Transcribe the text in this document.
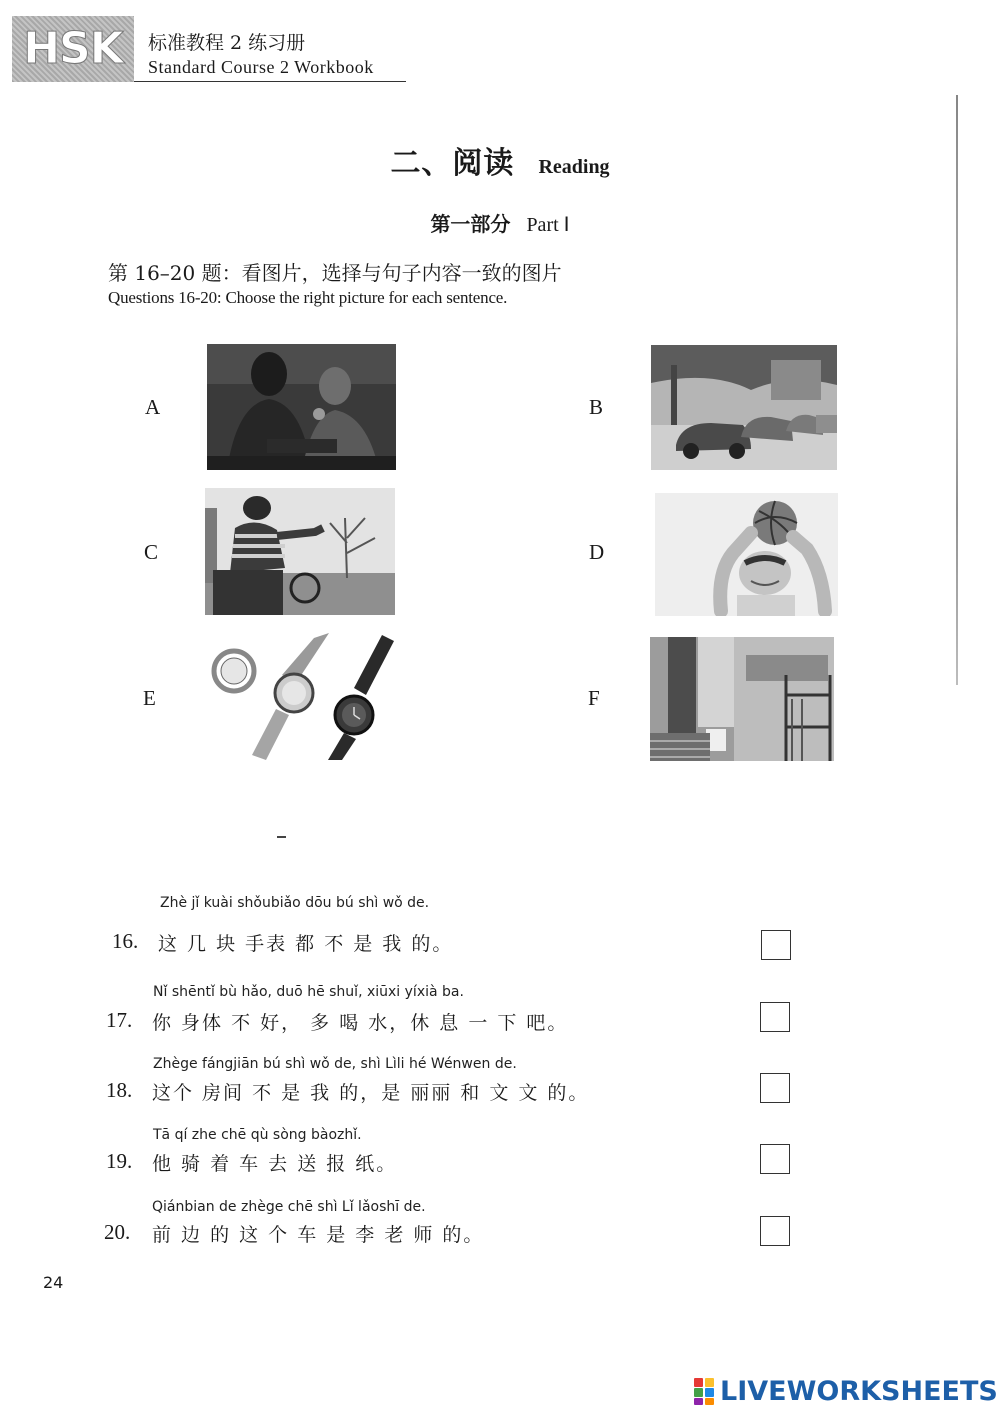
HSK	标准教程 2 练习册
Standard Course 2 Workbook
二、阅读 Reading
第一部分 Part Ⅰ
第 16–20 题：看图片，选择与句子内容一致的图片
Questions 16-20: Choose the right picture for each sentence.
A	B
C	D
E	F
Zhè jǐ kuài shǒubiǎo dōu bú shì wǒ de.
16. 这 几 块 手表 都 不 是 我 的。
Nǐ shēntǐ bù hǎo, duō hē shuǐ, xiūxi yíxià ba.
17. 你 身体 不 好， 多 喝 水，休 息 一 下 吧。
Zhège fángjiān bú shì wǒ de, shì Lìli hé Wénwen de.
18. 这个 房间 不 是 我 的，是 丽丽 和 文 文 的。
Tā qí zhe chē qù sòng bàozhǐ.
19. 他 骑 着 车 去 送 报 纸。
Qiánbian de zhège chē shì Lǐ lǎoshī de.
20. 前 边 的 这 个 车 是 李 老 师 的。
24
LIVEWORKSHEETS
